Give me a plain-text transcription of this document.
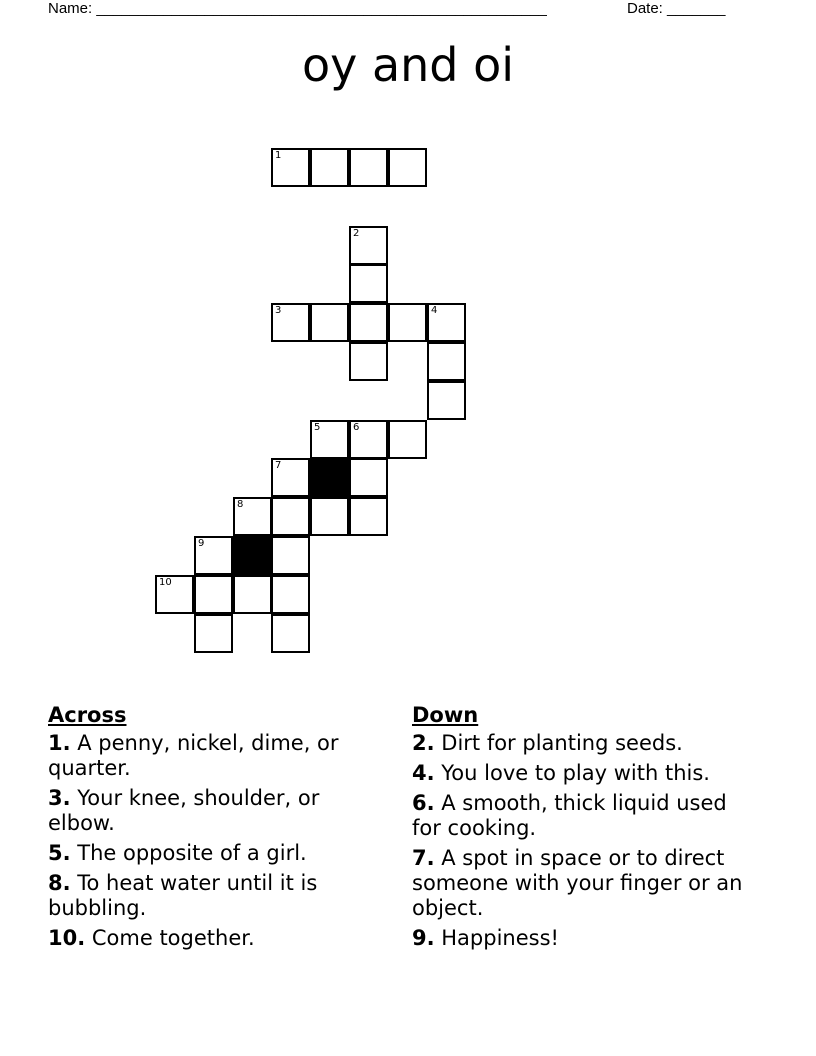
Name: ______________________________________________________	Date: _______
oy and oi
1
2
3	4
5	6
7
8
9
10
Across
1. A penny, nickel, dime, or quarter.
3. Your knee, shoulder, or elbow.
5. The opposite of a girl.
8. To heat water until it is bubbling.
10. Come together.
Down
2. Dirt for planting seeds.
4. You love to play with this.
6. A smooth, thick liquid used for cooking.
7. A spot in space or to direct someone with your finger or an object.
9. Happiness!
